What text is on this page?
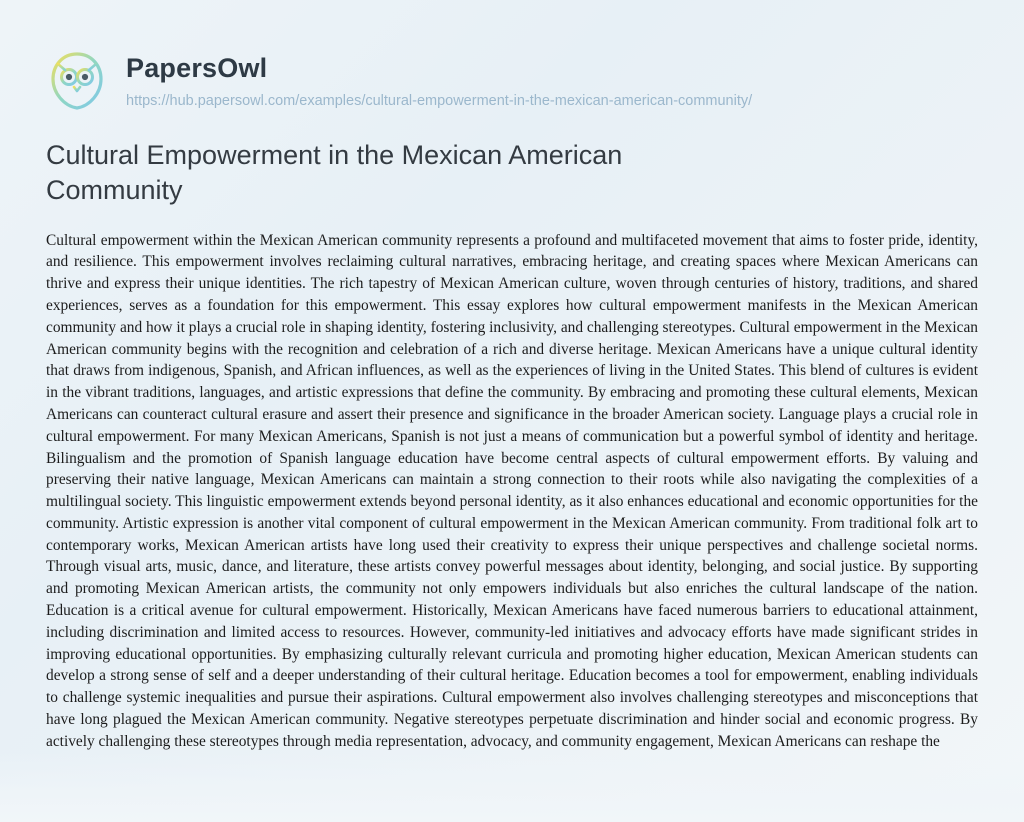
PapersOwl
https://hub.papersowl.com/examples/cultural-empowerment-in-the-mexican-american-community/
Cultural Empowerment in the Mexican American Community
Cultural empowerment within the Mexican American community represents a profound and multifaceted movement that aims to foster pride, identity, and resilience. This empowerment involves reclaiming cultural narratives, embracing heritage, and creating spaces where Mexican Americans can thrive and express their unique identities. The rich tapestry of Mexican American culture, woven through centuries of history, traditions, and shared experiences, serves as a foundation for this empowerment. This essay explores how cultural empowerment manifests in the Mexican American community and how it plays a crucial role in shaping identity, fostering inclusivity, and challenging stereotypes. Cultural empowerment in the Mexican American community begins with the recognition and celebration of a rich and diverse heritage. Mexican Americans have a unique cultural identity that draws from indigenous, Spanish, and African influences, as well as the experiences of living in the United States. This blend of cultures is evident in the vibrant traditions, languages, and artistic expressions that define the community. By embracing and promoting these cultural elements, Mexican Americans can counteract cultural erasure and assert their presence and significance in the broader American society. Language plays a crucial role in cultural empowerment. For many Mexican Americans, Spanish is not just a means of communication but a powerful symbol of identity and heritage. Bilingualism and the promotion of Spanish language education have become central aspects of cultural empowerment efforts. By valuing and preserving their native language, Mexican Americans can maintain a strong connection to their roots while also navigating the complexities of a multilingual society. This linguistic empowerment extends beyond personal identity, as it also enhances educational and economic opportunities for the community. Artistic expression is another vital component of cultural empowerment in the Mexican American community. From traditional folk art to contemporary works, Mexican American artists have long used their creativity to express their unique perspectives and challenge societal norms. Through visual arts, music, dance, and literature, these artists convey powerful messages about identity, belonging, and social justice. By supporting and promoting Mexican American artists, the community not only empowers individuals but also enriches the cultural landscape of the nation. Education is a critical avenue for cultural empowerment. Historically, Mexican Americans have faced numerous barriers to educational attainment, including discrimination and limited access to resources. However, community-led initiatives and advocacy efforts have made significant strides in improving educational opportunities. By emphasizing culturally relevant curricula and promoting higher education, Mexican American students can develop a strong sense of self and a deeper understanding of their cultural heritage. Education becomes a tool for empowerment, enabling individuals to challenge systemic inequalities and pursue their aspirations. Cultural empowerment also involves challenging stereotypes and misconceptions that have long plagued the Mexican American community. Negative stereotypes perpetuate discrimination and hinder social and economic progress. By actively challenging these stereotypes through media representation, advocacy, and community engagement, Mexican Americans can reshape the
